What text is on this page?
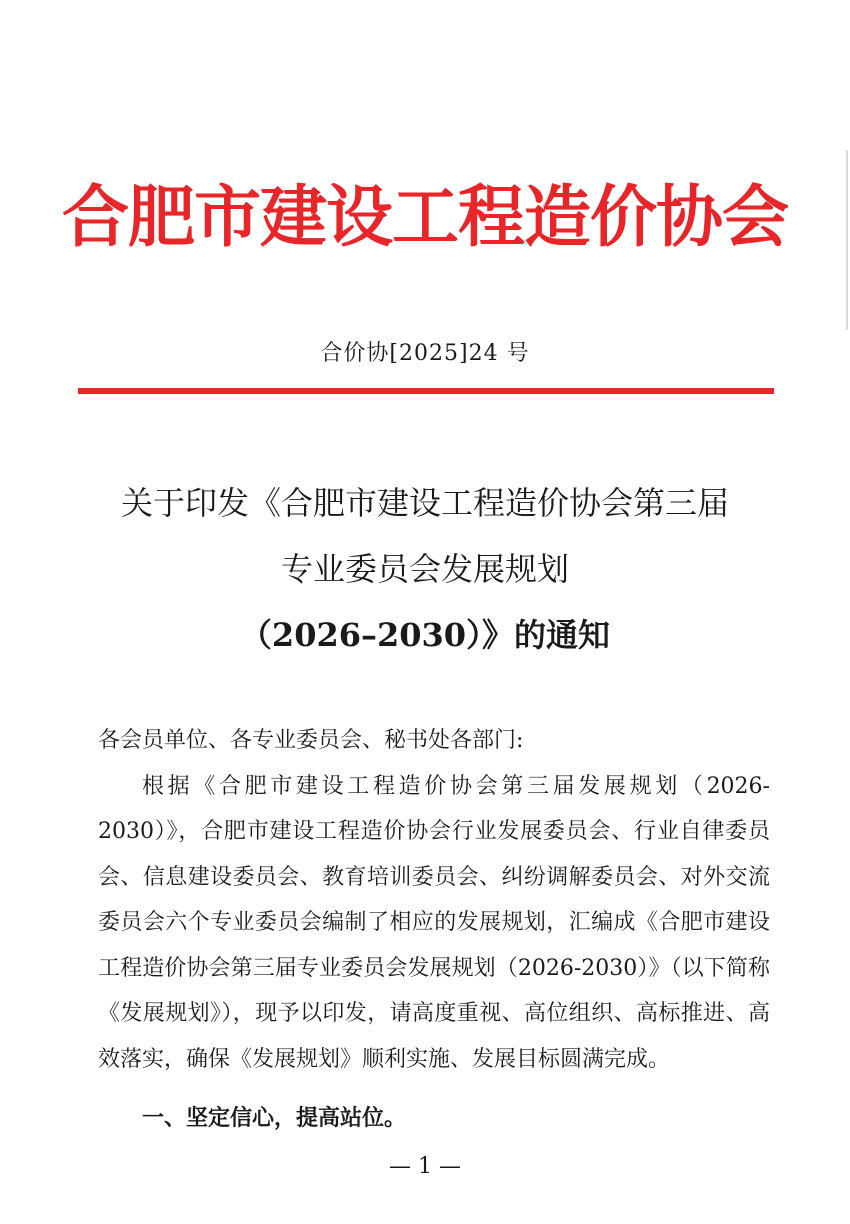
合肥市建设工程造价协会
合价协[2025]24 号
关于印发《合肥市建设工程造价协会第三届
专业委员会发展规划
（2026–2030）》的通知
各会员单位、各专业委员会、秘书处各部门:
根据《合肥市建设工程造价协会第三届发展规划（2026-2030）》，合肥市建设工程造价协会行业发展委员会、行业自律委员会、信息建设委员会、教育培训委员会、纠纷调解委员会、对外交流委员会六个专业委员会编制了相应的发展规划，汇编成《合肥市建设工程造价协会第三届专业委员会发展规划（2026-2030）》（以下简称《发展规划》），现予以印发，请高度重视、高位组织、高标推进、高效落实，确保《发展规划》顺利实施、发展目标圆满完成。
一、坚定信心，提高站位。
— 1 —
